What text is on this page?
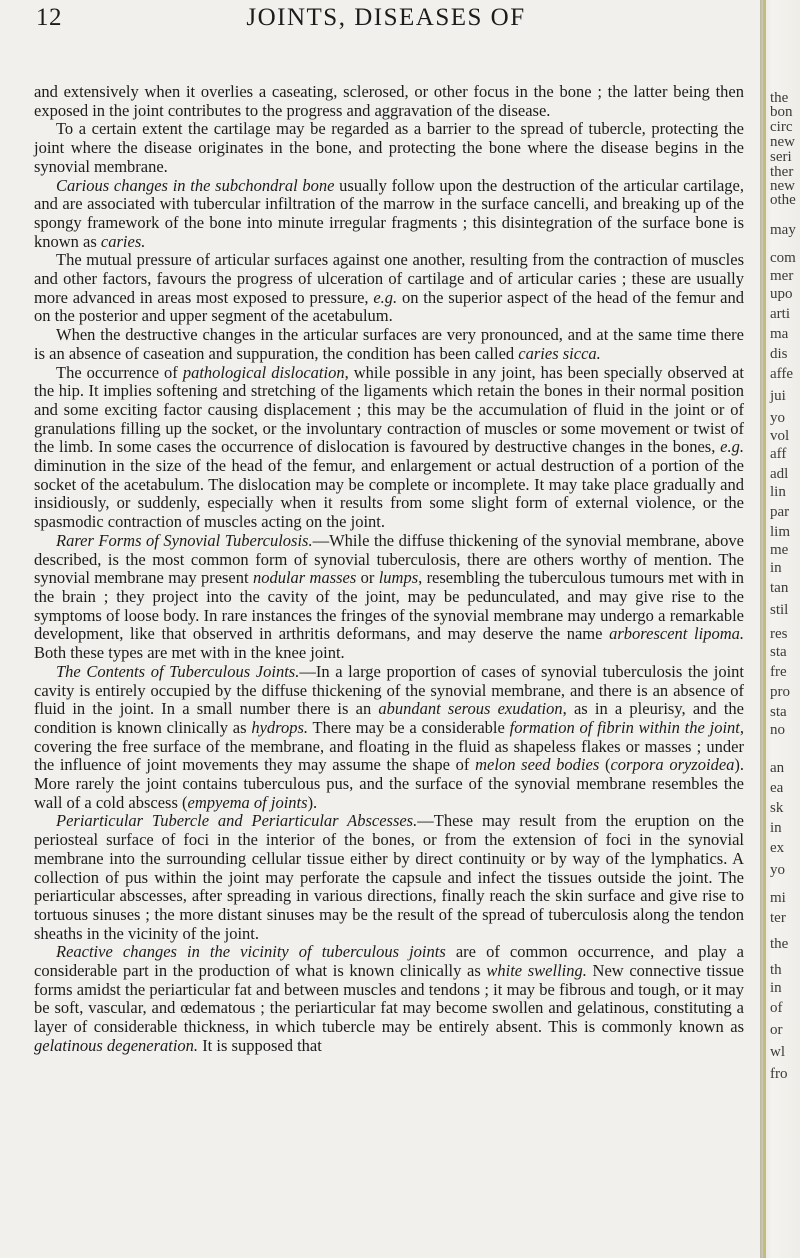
12	JOINTS, DISEASES OF

and extensively when it overlies a caseating, sclerosed, or other focus in the bone ; the latter being then exposed in the joint contributes to the progress and aggravation of the disease.

To a certain extent the cartilage may be regarded as a barrier to the spread of tubercle, protecting the joint where the disease originates in the bone, and protecting the bone where the disease begins in the synovial membrane.

Carious changes in the subchondral bone usually follow upon the destruction of the articular cartilage, and are associated with tubercular infiltration of the marrow in the surface cancelli, and breaking up of the spongy framework of the bone into minute irregular fragments ; this disintegration of the surface bone is known as caries.

The mutual pressure of articular surfaces against one another, resulting from the contraction of muscles and other factors, favours the progress of ulceration of cartilage and of articular caries ; these are usually more advanced in areas most exposed to pressure, e.g. on the superior aspect of the head of the femur and on the posterior and upper segment of the acetabulum.

When the destructive changes in the articular surfaces are very pronounced, and at the same time there is an absence of caseation and suppuration, the condition has been called caries sicca.

The occurrence of pathological dislocation, while possible in any joint, has been specially observed at the hip. It implies softening and stretching of the ligaments which retain the bones in their normal position and some exciting factor causing displacement ; this may be the accumulation of fluid in the joint or of granulations filling up the socket, or the involuntary contraction of muscles or some movement or twist of the limb. In some cases the occurrence of dislocation is favoured by destructive changes in the bones, e.g. diminution in the size of the head of the femur, and enlargement or actual destruction of a portion of the socket of the acetabulum. The dislocation may be complete or incomplete. It may take place gradually and insidiously, or suddenly, especially when it results from some slight form of external violence, or the spasmodic contraction of muscles acting on the joint.

Rarer Forms of Synovial Tuberculosis.—While the diffuse thickening of the synovial membrane, above described, is the most common form of synovial tuberculosis, there are others worthy of mention. The synovial membrane may present nodular masses or lumps, resembling the tuberculous tumours met with in the brain ; they project into the cavity of the joint, may be pedunculated, and may give rise to the symptoms of loose body. In rare instances the fringes of the synovial membrane may undergo a remarkable development, like that observed in arthritis deformans, and may deserve the name arborescent lipoma. Both these types are met with in the knee joint.

The Contents of Tuberculous Joints.—In a large proportion of cases of synovial tuberculosis the joint cavity is entirely occupied by the diffuse thickening of the synovial membrane, and there is an absence of fluid in the joint. In a small number there is an abundant serous exudation, as in a pleurisy, and the condition is known clinically as hydrops. There may be a considerable formation of fibrin within the joint, covering the free surface of the membrane, and floating in the fluid as shapeless flakes or masses ; under the influence of joint movements they may assume the shape of melon seed bodies (corpora oryzoidea). More rarely the joint contains tuberculous pus, and the surface of the synovial membrane resembles the wall of a cold abscess (empyema of joints).

Periarticular Tubercle and Periarticular Abscesses.—These may result from the eruption on the periosteal surface of foci in the interior of the bones, or from the extension of foci in the synovial membrane into the surrounding cellular tissue either by direct continuity or by way of the lymphatics. A collection of pus within the joint may perforate the capsule and infect the tissues outside the joint. The periarticular abscesses, after spreading in various directions, finally reach the skin surface and give rise to tortuous sinuses ; the more distant sinuses may be the result of the spread of tuberculosis along the tendon sheaths in the vicinity of the joint.

Reactive changes in the vicinity of tuberculous joints are of common occurrence, and play a considerable part in the production of what is known clinically as white swelling. New connective tissue forms amidst the periarticular fat and between muscles and tendons ; it may be fibrous and tough, or it may be soft, vascular, and œdematous ; the periarticular fat may become swollen and gelatinous, constituting a layer of considerable thickness, in which tubercle may be entirely absent. This is commonly known as gelatinous degeneration. It is supposed that

the
bon
circ
new
seri
ther
new
othe
may
com
mer
upo
arti
ma
dis
affe
jui
yo
vol
aff
adl
lin
par
lim
me
in
tan
stil
res
sta
fre
pro
sta
no
an
ea
sk
in
ex
yo
mi
ter
the
th
in
of
or
wl
fro
